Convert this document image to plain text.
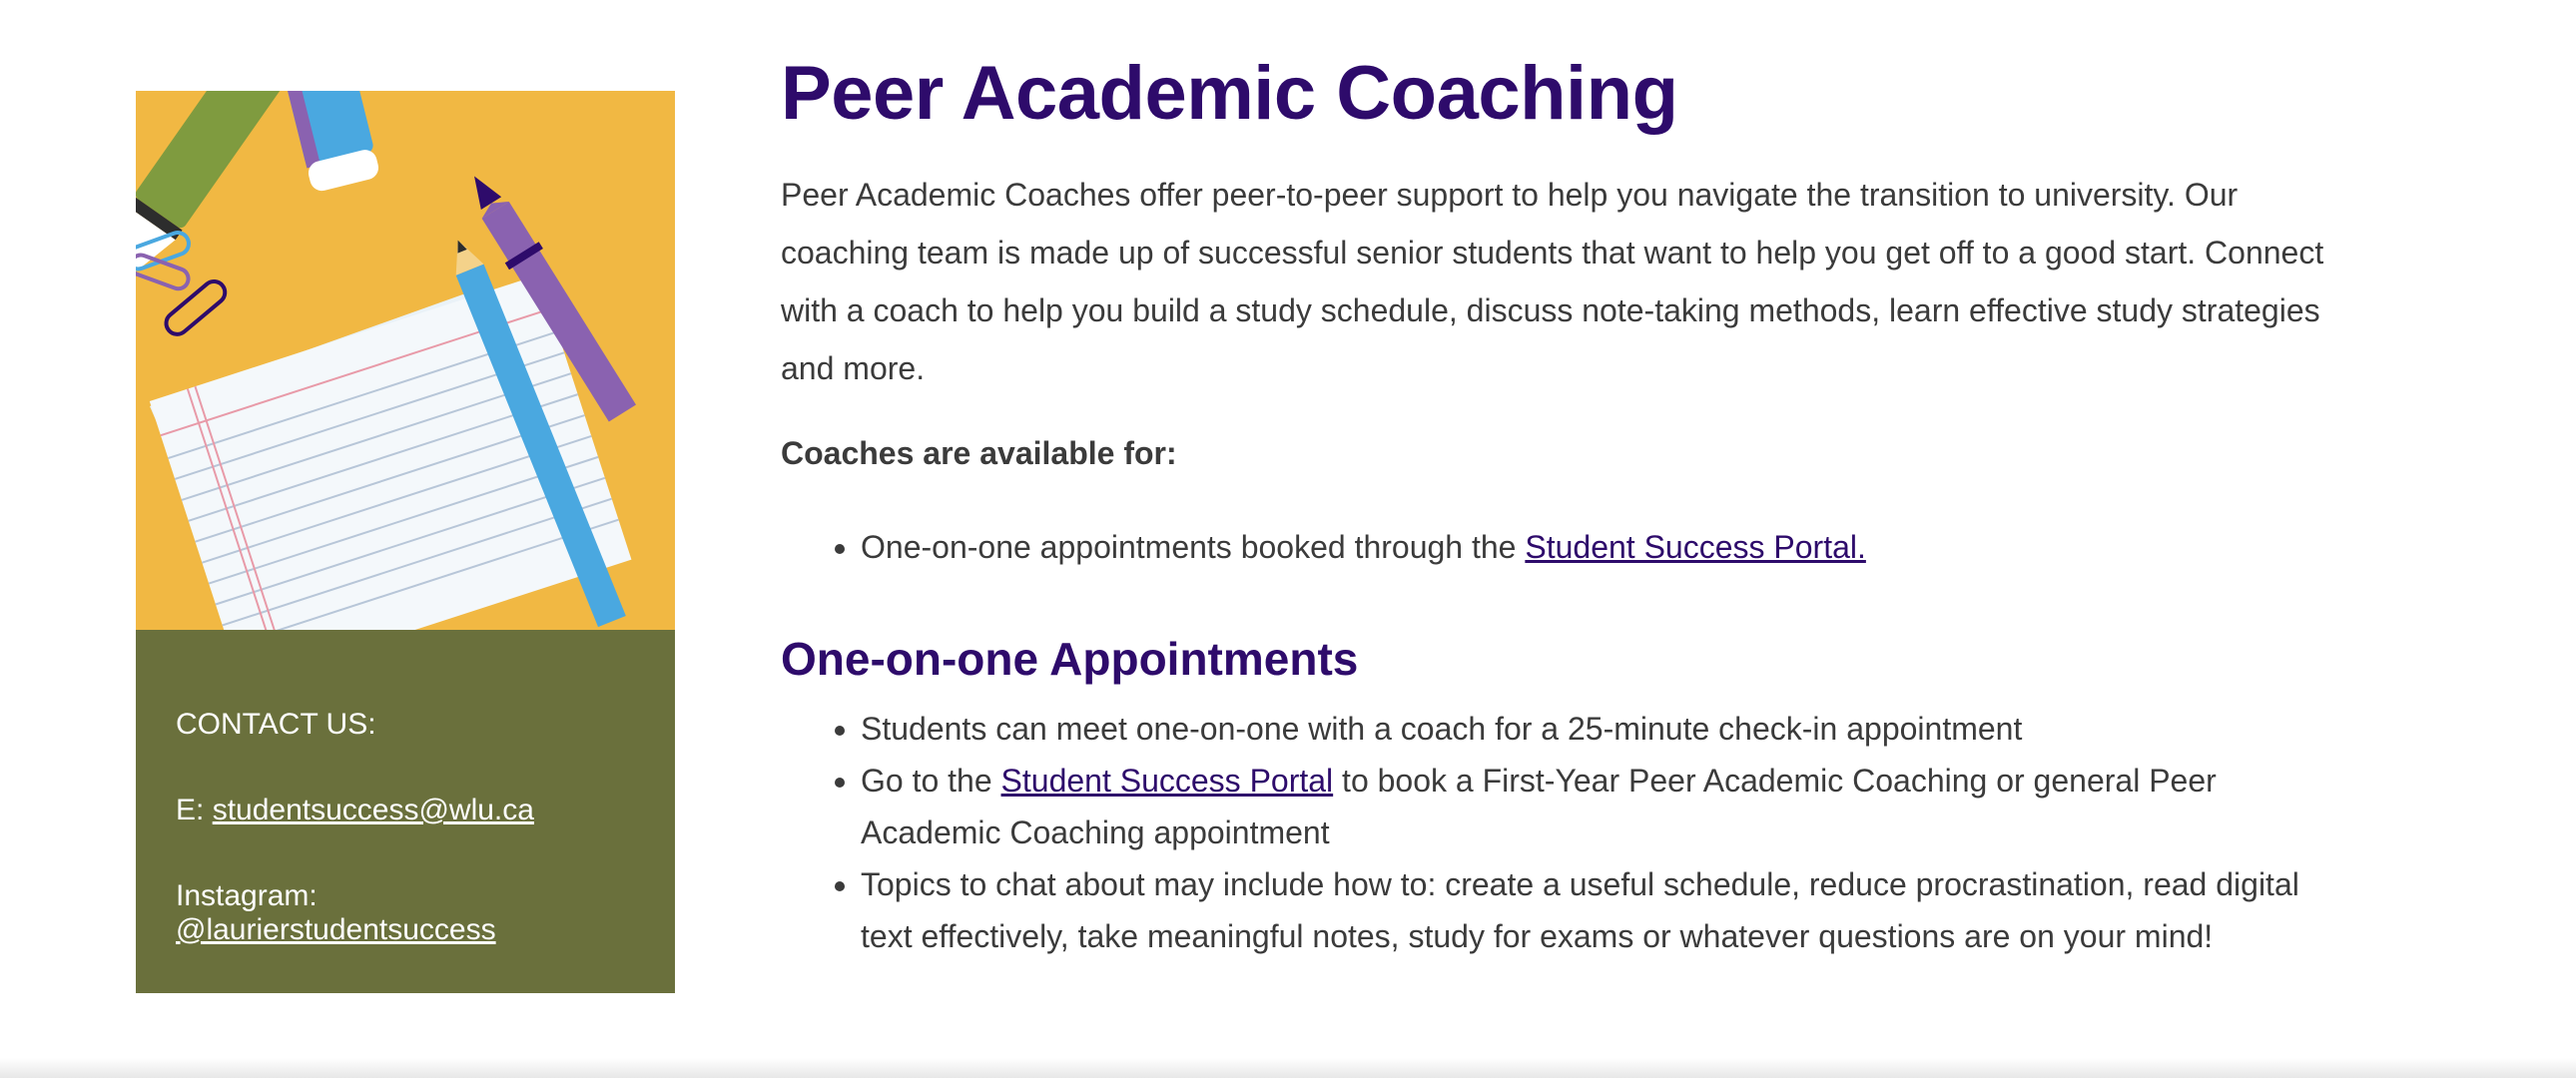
CONTACT US:

E: studentsuccess@wlu.ca

Instagram: @laurierstudentsuccess

Peer Academic Coaching

Peer Academic Coaches offer peer-to-peer support to help you navigate the transition to university. Our coaching team is made up of successful senior students that want to help you get off to a good start. Connect with a coach to help you build a study schedule, discuss note-taking methods, learn effective study strategies and more.

Coaches are available for:

• One-on-one appointments booked through the Student Success Portal.
One-on-one Appointments
• Students can meet one-on-one with a coach for a 25-minute check-in appointment
• Go to the Student Success Portal to book a First-Year Peer Academic Coaching or general Peer Academic Coaching appointment
• Topics to chat about may include how to: create a useful schedule, reduce procrastination, read digital text effectively, take meaningful notes, study for exams or whatever questions are on your mind!
